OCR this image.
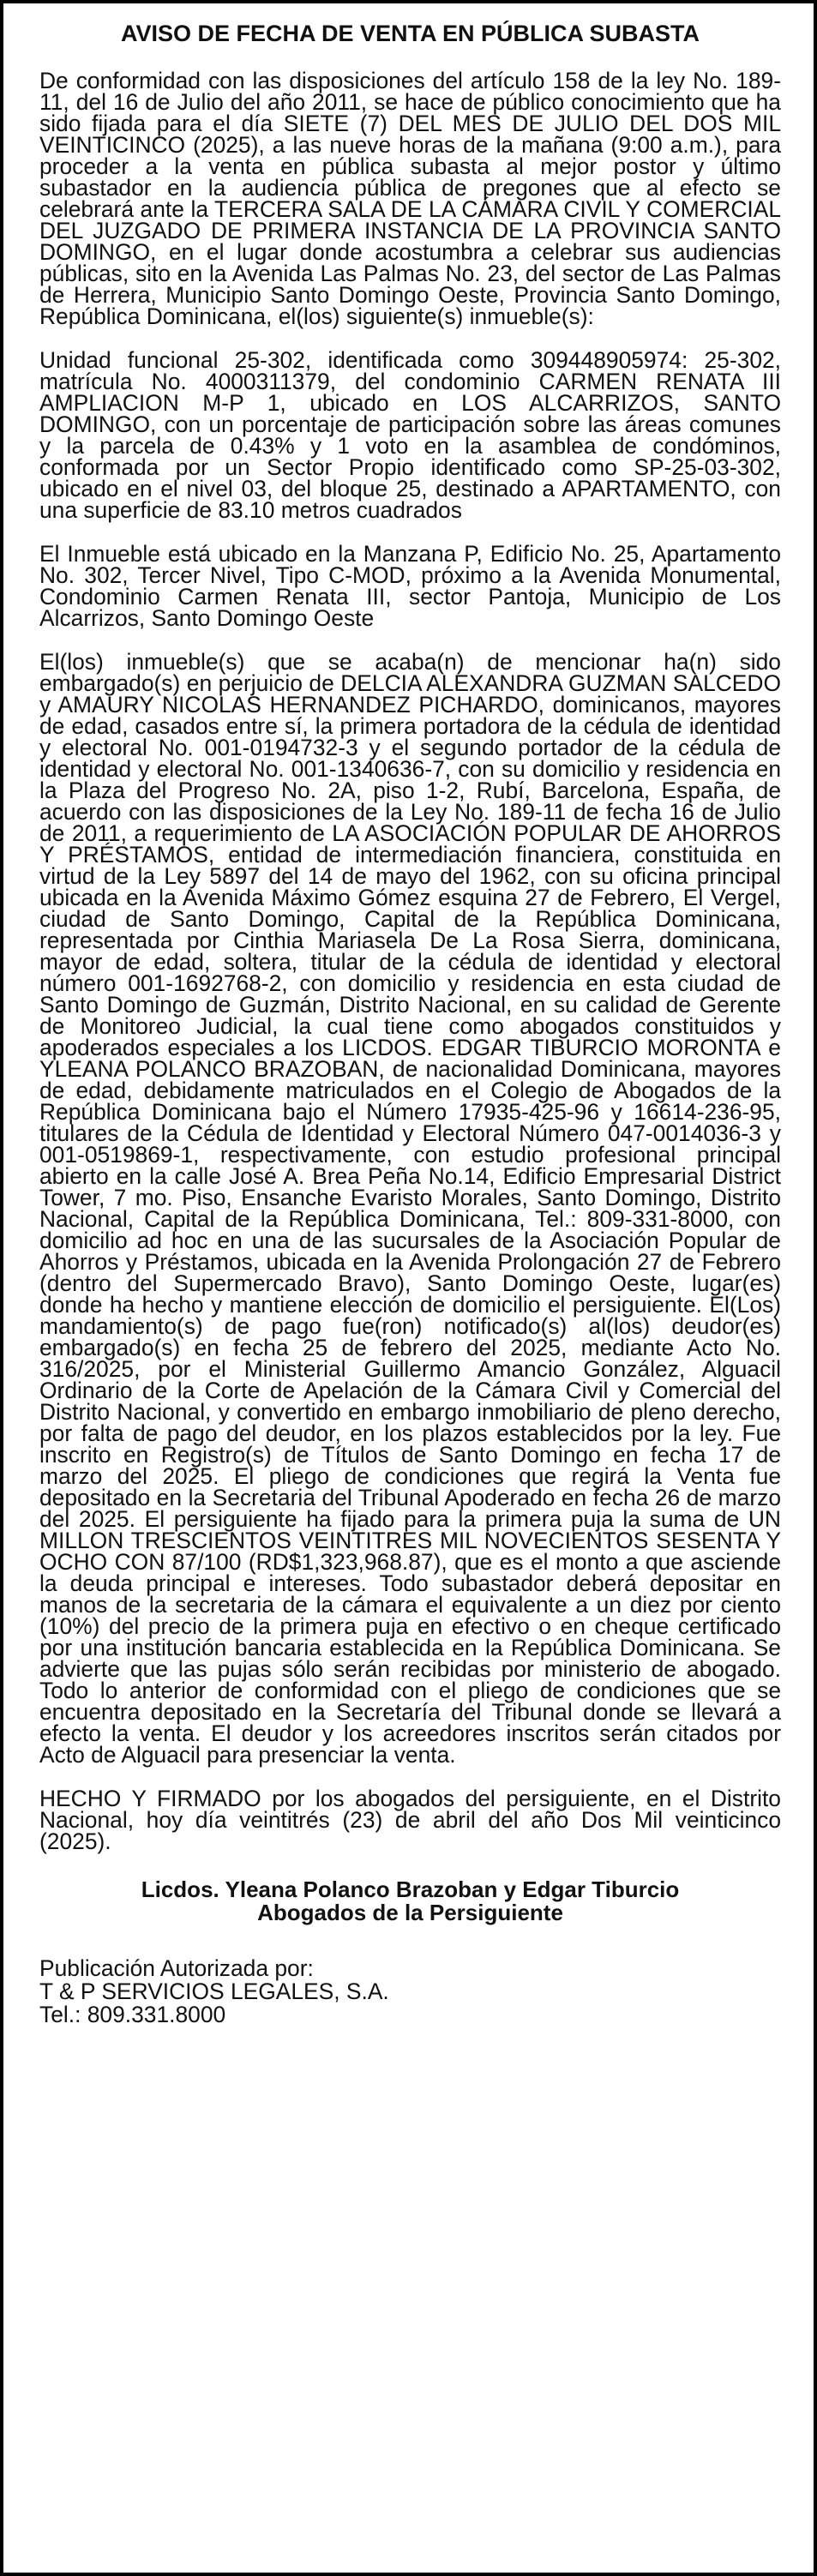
AVISO DE FECHA DE VENTA EN PÚBLICA SUBASTA

De conformidad con las disposiciones del artículo 158 de la ley No. 189-11, del 16 de Julio del año 2011, se hace de público conocimiento que ha sido fijada para el día SIETE (7) DEL MES DE JULIO DEL DOS MIL VEINTICINCO (2025), a las nueve horas de la mañana (9:00 a.m.), para proceder a la venta en pública subasta al mejor postor y último subastador en la audiencia pública de pregones que al efecto se celebrará ante la TERCERA SALA DE LA CÁMARA CIVIL Y COMERCIAL DEL JUZGADO DE PRIMERA INSTANCIA DE LA PROVINCIA SANTO DOMINGO, en el lugar donde acostumbra a celebrar sus audiencias públicas, sito en la Avenida Las Palmas No. 23, del sector de Las Palmas de Herrera, Municipio Santo Domingo Oeste, Provincia Santo Domingo, República Dominicana, el(los) siguiente(s) inmueble(s):

Unidad funcional 25-302, identificada como 309448905974: 25-302, matrícula No. 4000311379, del condominio CARMEN RENATA III AMPLIACION M-P 1, ubicado en LOS ALCARRIZOS, SANTO DOMINGO, con un porcentaje de participación sobre las áreas comunes y la parcela de 0.43% y 1 voto en la asamblea de condóminos, conformada por un Sector Propio identificado como SP-25-03-302, ubicado en el nivel 03, del bloque 25, destinado a APARTAMENTO, con una superficie de 83.10 metros cuadrados

El Inmueble está ubicado en la Manzana P, Edificio No. 25, Apartamento No. 302, Tercer Nivel, Tipo C-MOD, próximo a la Avenida Monumental, Condominio Carmen Renata III, sector Pantoja, Municipio de Los Alcarrizos, Santo Domingo Oeste

El(los) inmueble(s) que se acaba(n) de mencionar ha(n) sido embargado(s) en perjuicio de DELCIA ALEXANDRA GUZMAN SALCEDO y AMAURY NICOLAS HERNANDEZ PICHARDO, dominicanos, mayores de edad, casados entre sí, la primera portadora de la cédula de identidad y electoral No. 001-0194732-3 y el segundo portador de la cédula de identidad y electoral No. 001-1340636-7, con su domicilio y residencia en la Plaza del Progreso No. 2A, piso 1-2, Rubí, Barcelona, España, de acuerdo con las disposiciones de la Ley No. 189-11 de fecha 16 de Julio de 2011, a requerimiento de LA ASOCIACIÓN POPULAR DE AHORROS Y PRÉSTAMOS, entidad de intermediación financiera, constituida en virtud de la Ley 5897 del 14 de mayo del 1962, con su oficina principal ubicada en la Avenida Máximo Gómez esquina 27 de Febrero, El Vergel, ciudad de Santo Domingo, Capital de la República Dominicana, representada por Cinthia Mariasela De La Rosa Sierra, dominicana, mayor de edad, soltera, titular de la cédula de identidad y electoral número 001-1692768-2, con domicilio y residencia en esta ciudad de Santo Domingo de Guzmán, Distrito Nacional, en su calidad de Gerente de Monitoreo Judicial, la cual tiene como abogados constituidos y apoderados especiales a los LICDOS. EDGAR TIBURCIO MORONTA e YLEANA POLANCO BRAZOBAN, de nacionalidad Dominicana, mayores de edad, debidamente matriculados en el Colegio de Abogados de la República Dominicana bajo el Número 17935-425-96 y 16614-236-95, titulares de la Cédula de Identidad y Electoral Número 047-0014036-3 y 001-0519869-1, respectivamente, con estudio profesional principal abierto en la calle José A. Brea Peña No.14, Edificio Empresarial District Tower, 7 mo. Piso, Ensanche Evaristo Morales, Santo Domingo, Distrito Nacional, Capital de la República Dominicana, Tel.: 809-331-8000, con domicilio ad hoc en una de las sucursales de la Asociación Popular de Ahorros y Préstamos, ubicada en la Avenida Prolongación 27 de Febrero (dentro del Supermercado Bravo), Santo Domingo Oeste, lugar(es) donde ha hecho y mantiene elección de domicilio el persiguiente. El(Los) mandamiento(s) de pago fue(ron) notificado(s) al(los) deudor(es) embargado(s) en fecha 25 de febrero del 2025, mediante Acto No. 316/2025, por el Ministerial Guillermo Amancio González, Alguacil Ordinario de la Corte de Apelación de la Cámara Civil y Comercial del Distrito Nacional, y convertido en embargo inmobiliario de pleno derecho, por falta de pago del deudor, en los plazos establecidos por la ley. Fue inscrito en Registro(s) de Títulos de Santo Domingo en fecha 17 de marzo del 2025. El pliego de condiciones que regirá la Venta fue depositado en la Secretaria del Tribunal Apoderado en fecha 26 de marzo del 2025. El persiguiente ha fijado para la primera puja la suma de UN MILLON TRESCIENTOS VEINTITRES MIL NOVECIENTOS SESENTA Y OCHO CON 87/100 (RD$1,323,968.87), que es el monto a que asciende la deuda principal e intereses. Todo subastador deberá depositar en manos de la secretaria de la cámara el equivalente a un diez por ciento (10%) del precio de la primera puja en efectivo o en cheque certificado por una institución bancaria establecida en la República Dominicana. Se advierte que las pujas sólo serán recibidas por ministerio de abogado. Todo lo anterior de conformidad con el pliego de condiciones que se encuentra depositado en la Secretaría del Tribunal donde se llevará a efecto la venta. El deudor y los acreedores inscritos serán citados por Acto de Alguacil para presenciar la venta.

HECHO Y FIRMADO por los abogados del persiguiente, en el Distrito Nacional, hoy día veintitrés (23) de abril del año Dos Mil veinticinco (2025).

Licdos. Yleana Polanco Brazoban y Edgar Tiburcio
Abogados de la Persiguiente
Publicación Autorizada por:
T & P SERVICIOS LEGALES, S.A.
Tel.: 809.331.8000
